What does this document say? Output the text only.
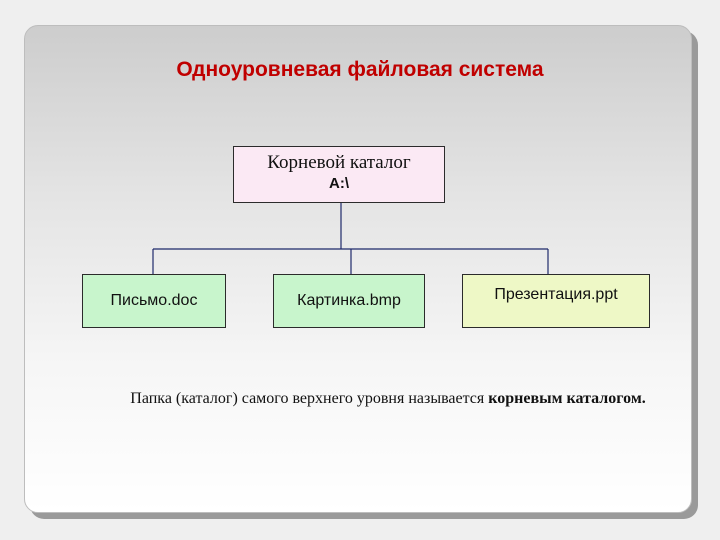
Одноуровневая файловая система
Корневой каталог
A:\
Письмо.doc	Картинка.bmp	Презентация.ppt
Папка (каталог) самого верхнего уровня называется корневым каталогом.
